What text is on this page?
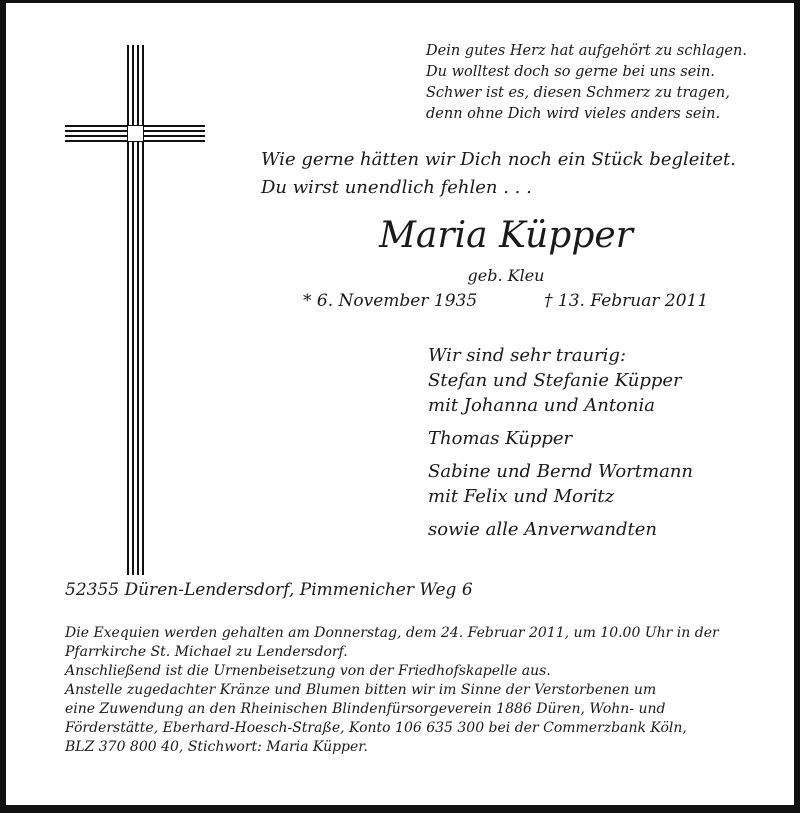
Dein gutes Herz hat aufgehört zu schlagen.
Du wolltest doch so gerne bei uns sein.
Schwer ist es, diesen Schmerz zu tragen,
denn ohne Dich wird vieles anders sein.
Wie gerne hätten wir Dich noch ein Stück begleitet.
Du wirst unendlich fehlen . . .
Maria Küpper
geb. Kleu
* 6. November 1935	† 13. Februar 2011
Wir sind sehr traurig:
Stefan und Stefanie Küpper
mit Johanna und Antonia
Thomas Küpper
Sabine und Bernd Wortmann
mit Felix und Moritz
sowie alle Anverwandten
52355 Düren-Lendersdorf, Pimmenicher Weg 6
Die Exequien werden gehalten am Donnerstag, dem 24. Februar 2011, um 10.00 Uhr in der
Pfarrkirche St. Michael zu Lendersdorf.
Anschließend ist die Urnenbeisetzung von der Friedhofskapelle aus.
Anstelle zugedachter Kränze und Blumen bitten wir im Sinne der Verstorbenen um
eine Zuwendung an den Rheinischen Blindenfürsorgeverein 1886 Düren, Wohn- und
Förderstätte, Eberhard-Hoesch-Straße, Konto 106 635 300 bei der Commerzbank Köln,
BLZ 370 800 40, Stichwort: Maria Küpper.
